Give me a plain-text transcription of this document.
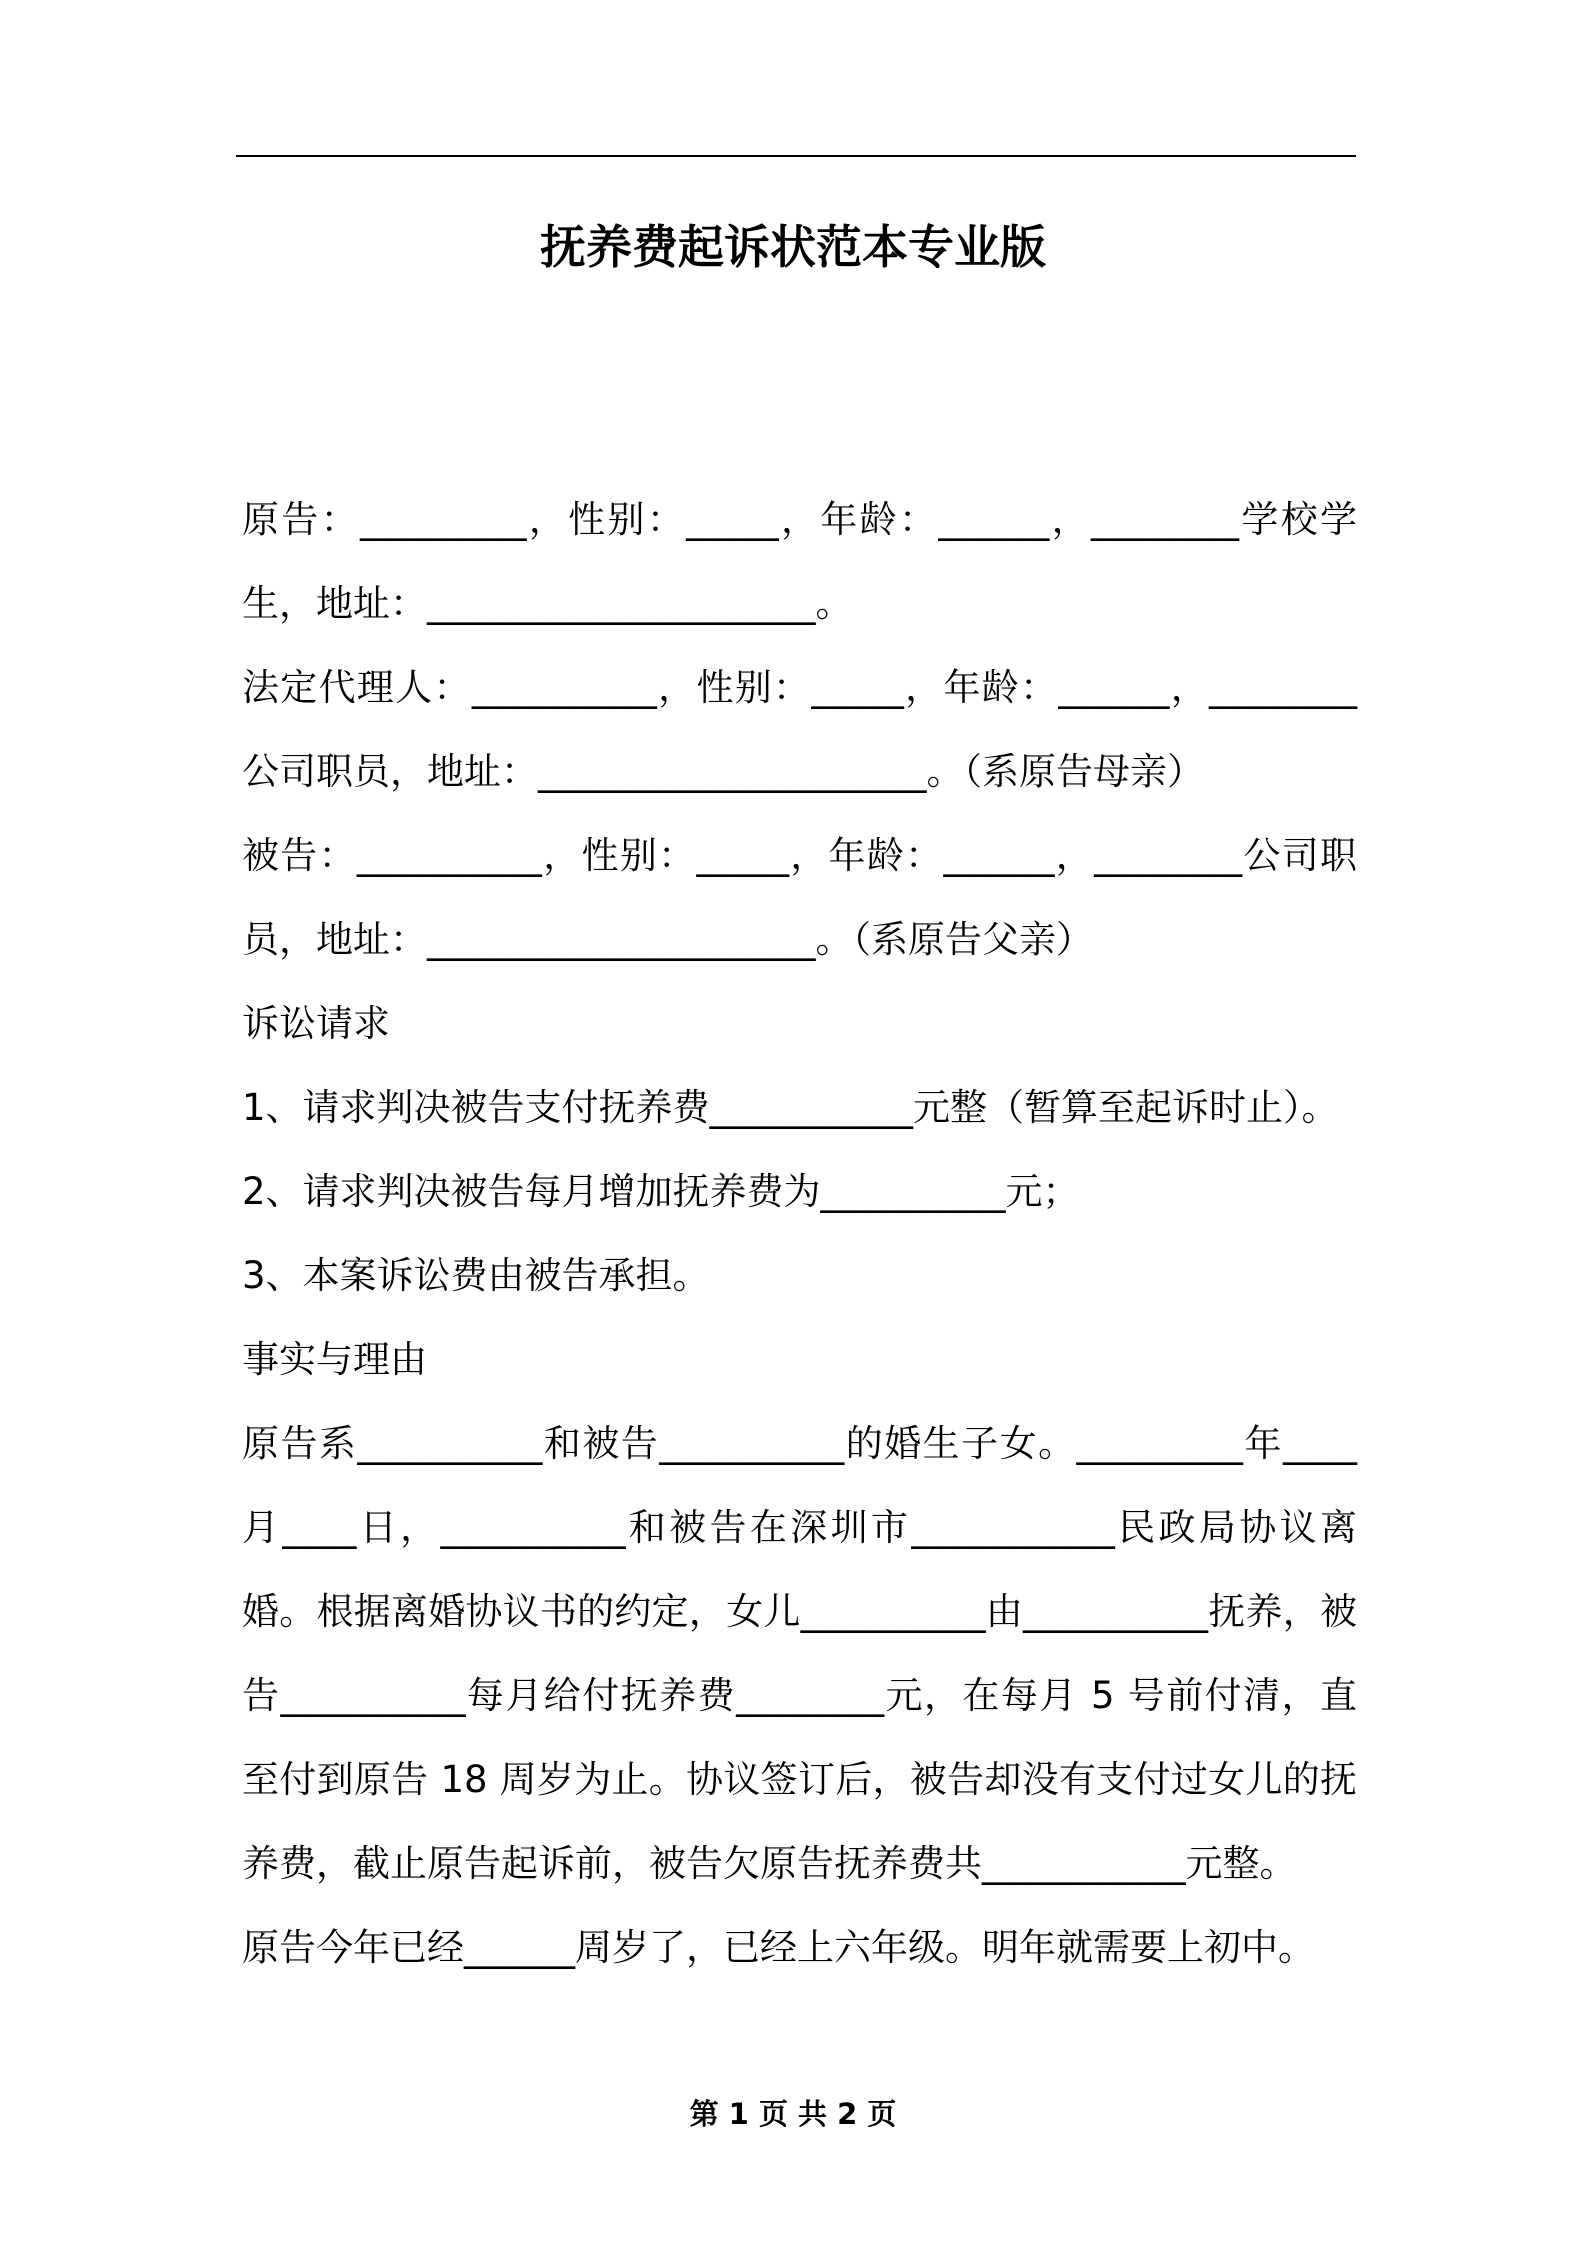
抚养费起诉状范本专业版

原告：_________，性别：_____，年龄：______，________学校学生，地址：_____________________。

法定代理人：__________，性别：_____，年龄：______，________公司职员，地址：_____________________。（系原告母亲）

被告：__________，性别：_____，年龄：______，________公司职员，地址：_____________________。（系原告父亲）

诉讼请求

1、请求判决被告支付抚养费___________元整（暂算至起诉时止）。

2、请求判决被告每月增加抚养费为__________元；

3、本案诉讼费由被告承担。

事实与理由

原告系__________和被告__________的婚生子女。_________年____月____日，__________和被告在深圳市___________民政局协议离婚。根据离婚协议书的约定，女儿__________由__________抚养，被告__________每月给付抚养费________元，在每月 5 号前付清，直至付到原告 18 周岁为止。协议签订后，被告却没有支付过女儿的抚养费，截止原告起诉前，被告欠原告抚养费共___________元整。

原告今年已经______周岁了，已经上六年级。明年就需要上初中。

第 1 页 共 2 页
